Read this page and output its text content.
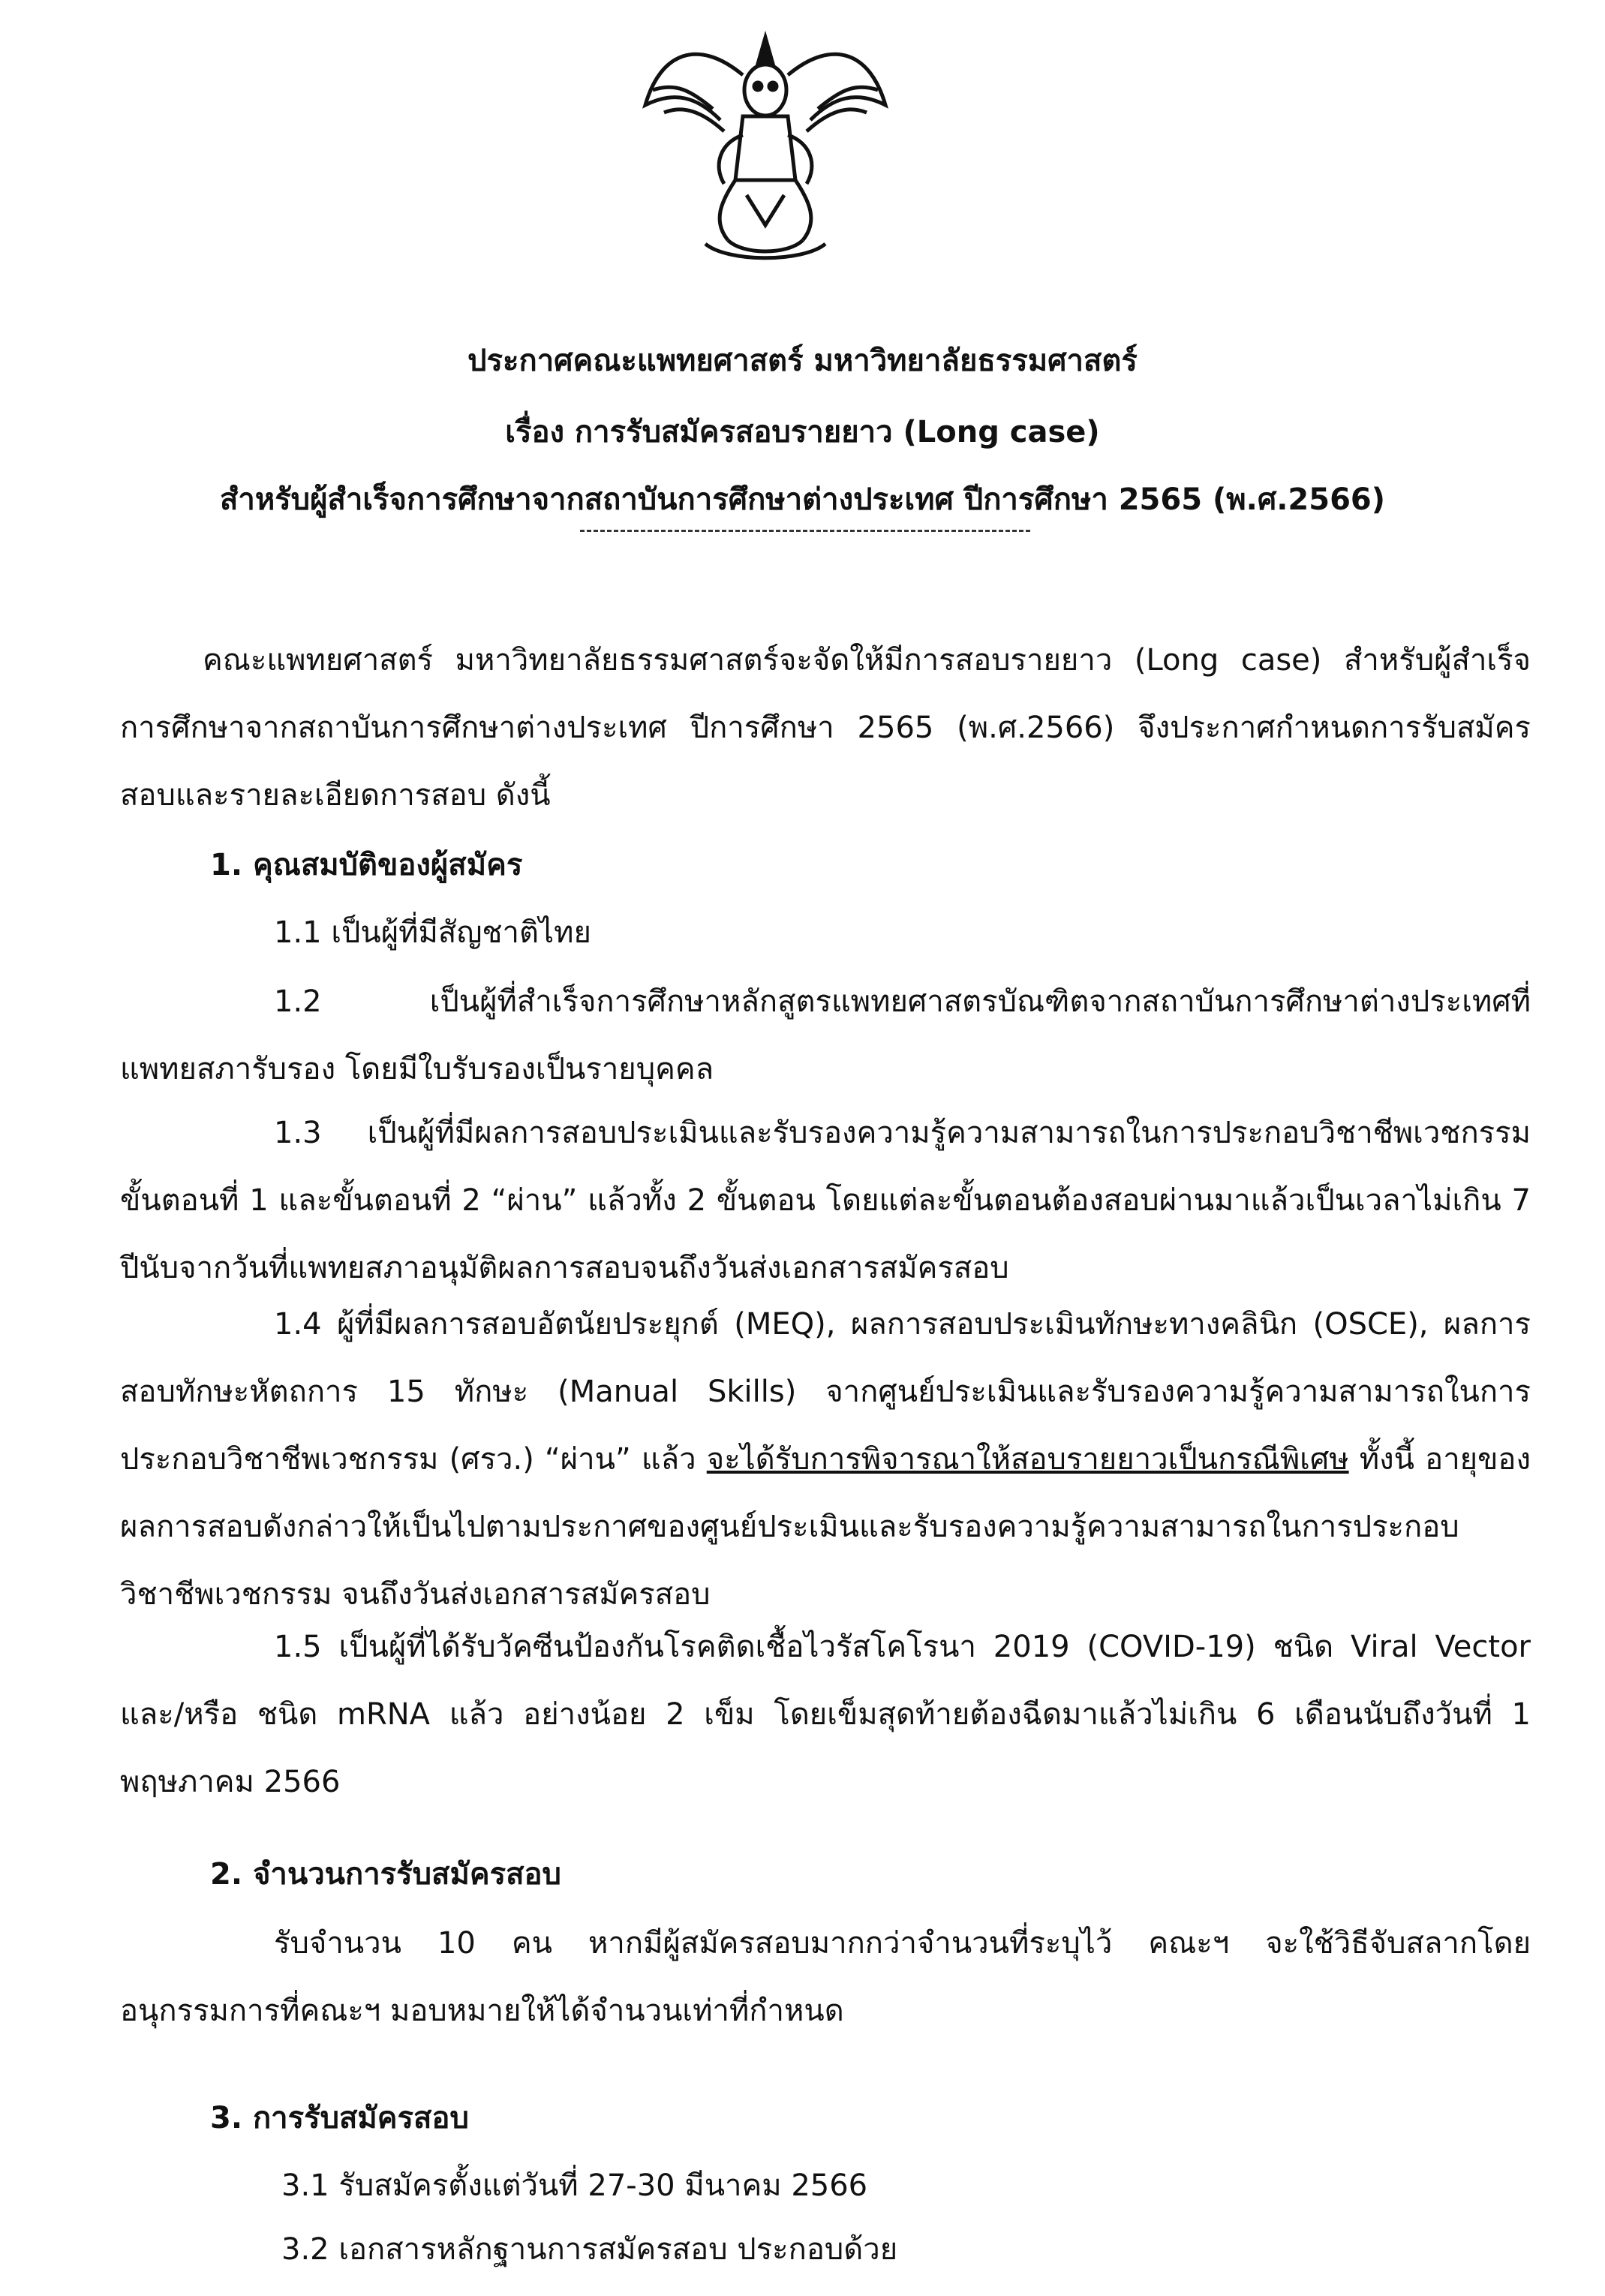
ประกาศคณะแพทยศาสตร์ มหาวิทยาลัยธรรมศาสตร์
เรื่อง การรับสมัครสอบรายยาว (Long case)
สำหรับผู้สำเร็จการศึกษาจากสถาบันการศึกษาต่างประเทศ ปีการศึกษา 2565 (พ.ศ.2566)

คณะแพทยศาสตร์ มหาวิทยาลัยธรรมศาสตร์จะจัดให้มีการสอบรายยาว (Long case) สำหรับผู้สำเร็จการศึกษาจากสถาบันการศึกษาต่างประเทศ ปีการศึกษา 2565 (พ.ศ.2566) จึงประกาศกำหนดการรับสมัครสอบและรายละเอียดการสอบ ดังนี้

1. คุณสมบัติของผู้สมัคร

1.1 เป็นผู้ที่มีสัญชาติไทย

1.2 เป็นผู้ที่สำเร็จการศึกษาหลักสูตรแพทยศาสตรบัณฑิตจากสถาบันการศึกษาต่างประเทศที่แพทยสภารับรอง โดยมีใบรับรองเป็นรายบุคคล

1.3 เป็นผู้ที่มีผลการสอบประเมินและรับรองความรู้ความสามารถในการประกอบวิชาชีพเวชกรรมขั้นตอนที่ 1 และขั้นตอนที่ 2 “ผ่าน” แล้วทั้ง 2 ขั้นตอน โดยแต่ละขั้นตอนต้องสอบผ่านมาแล้วเป็นเวลาไม่เกิน 7 ปีนับจากวันที่แพทยสภาอนุมัติผลการสอบจนถึงวันส่งเอกสารสมัครสอบ

1.4 ผู้ที่มีผลการสอบอัตนัยประยุกต์ (MEQ), ผลการสอบประเมินทักษะทางคลินิก (OSCE), ผลการสอบทักษะหัตถการ 15 ทักษะ (Manual Skills) จากศูนย์ประเมินและรับรองความรู้ความสามารถในการประกอบวิชาชีพเวชกรรม (ศรว.) “ผ่าน” แล้ว จะได้รับการพิจารณาให้สอบรายยาวเป็นกรณีพิเศษ ทั้งนี้ อายุของผลการสอบดังกล่าวให้เป็นไปตามประกาศของศูนย์ประเมินและรับรองความรู้ความสามารถในการประกอบวิชาชีพเวชกรรม จนถึงวันส่งเอกสารสมัครสอบ

1.5 เป็นผู้ที่ได้รับวัคซีนป้องกันโรคติดเชื้อไวรัสโคโรนา 2019 (COVID-19) ชนิด Viral Vector และ/หรือ ชนิด mRNA แล้ว อย่างน้อย 2 เข็ม โดยเข็มสุดท้ายต้องฉีดมาแล้วไม่เกิน 6 เดือนนับถึงวันที่ 1 พฤษภาคม 2566

2. จำนวนการรับสมัครสอบ

รับจำนวน 10 คน หากมีผู้สมัครสอบมากกว่าจำนวนที่ระบุไว้ คณะฯ จะใช้วิธีจับสลากโดยอนุกรรมการที่คณะฯ มอบหมายให้ได้จำนวนเท่าที่กำหนด

3. การรับสมัครสอบ

3.1 รับสมัครตั้งแต่วันที่ 27-30 มีนาคม 2566

3.2 เอกสารหลักฐานการสมัครสอบ ประกอบด้วย
